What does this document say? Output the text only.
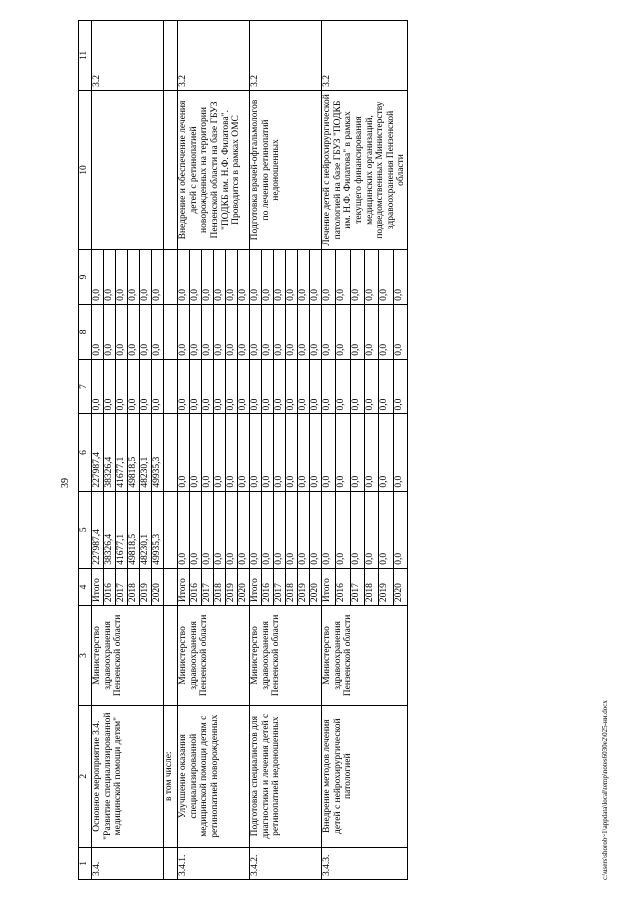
39
c:\users\shorob~1\appdata\local\temp\notes6030e2\025-ни.docx
1	2	3	4	5	6	7	8	9	10	11
3.4.	Основное мероприятие 3.4. "Развитие специализированной медицинской помощи детям"	Министерство здравоохранения Пензенской области	Итого	227987,4	227987,4	0,0	0,0	0,0		3.2
			2016	38326,4	38326,4	0,0	0,0	0,0		
			2017	41677,1	41677,1	0,0	0,0	0,0		
			2018	49818,5	49818,5	0,0	0,0	0,0		
			2019	48230,1	48230,1	0,0	0,0	0,0		
			2020	49935,3	49935,3	0,0	0,0	0,0		
	в том числе:									
3.4.1.	Улучшение оказания специализированной медицинской помощи детям с ретинопатией новорожденных	Министерство здравоохранения Пензенской области	Итого	0,0	0,0	0,0	0,0	0,0	Внедрение и обеспечение лечения детей с ретинопатией новорожденных на территории Пензенской области на базе ГБУЗ "ПОДКБ им. Н.Ф. Филатова". Проводится в рамках ОМС	3.2
			2016	0,0	0,0	0,0	0,0	0,0		
			2017	0,0	0,0	0,0	0,0	0,0		
			2018	0,0	0,0	0,0	0,0	0,0		
			2019	0,0	0,0	0,0	0,0	0,0		
			2020	0,0	0,0	0,0	0,0	0,0		
3.4.2.	Подготовка специалистов для диагностики и лечения детей с ретинопатией недоношенных	Министерство здравоохранения Пензенской области	Итого	0,0	0,0	0,0	0,0	0,0	Подготовка врачей-офтальмологов по лечению ретинопатий недоношенных	3.2
			2016	0,0	0,0	0,0	0,0	0,0		
			2017	0,0	0,0	0,0	0,0	0,0		
			2018	0,0	0,0	0,0	0,0	0,0		
			2019	0,0	0,0	0,0	0,0	0,0		
			2020	0,0	0,0	0,0	0,0	0,0		
3.4.3.	Внедрение методов лечения детей с нейрохирургической патологией	Министерство здравоохранения Пензенской области	Итого	0,0	0,0	0,0	0,0	0,0	Лечение детей с нейрохирургической патологией на базе ГБУЗ "ПОДКБ им. Н.Ф. Филатова" в рамках текущего финансирования медицинских организаций, подведомственных Министерству здравоохранения Пензенской области	3.2
			2016	0,0	0,0	0,0	0,0	0,0		
			2017	0,0	0,0	0,0	0,0	0,0		
			2018	0,0	0,0	0,0	0,0	0,0		
			2019	0,0	0,0	0,0	0,0	0,0		
			2020	0,0	0,0	0,0	0,0	0,0		
